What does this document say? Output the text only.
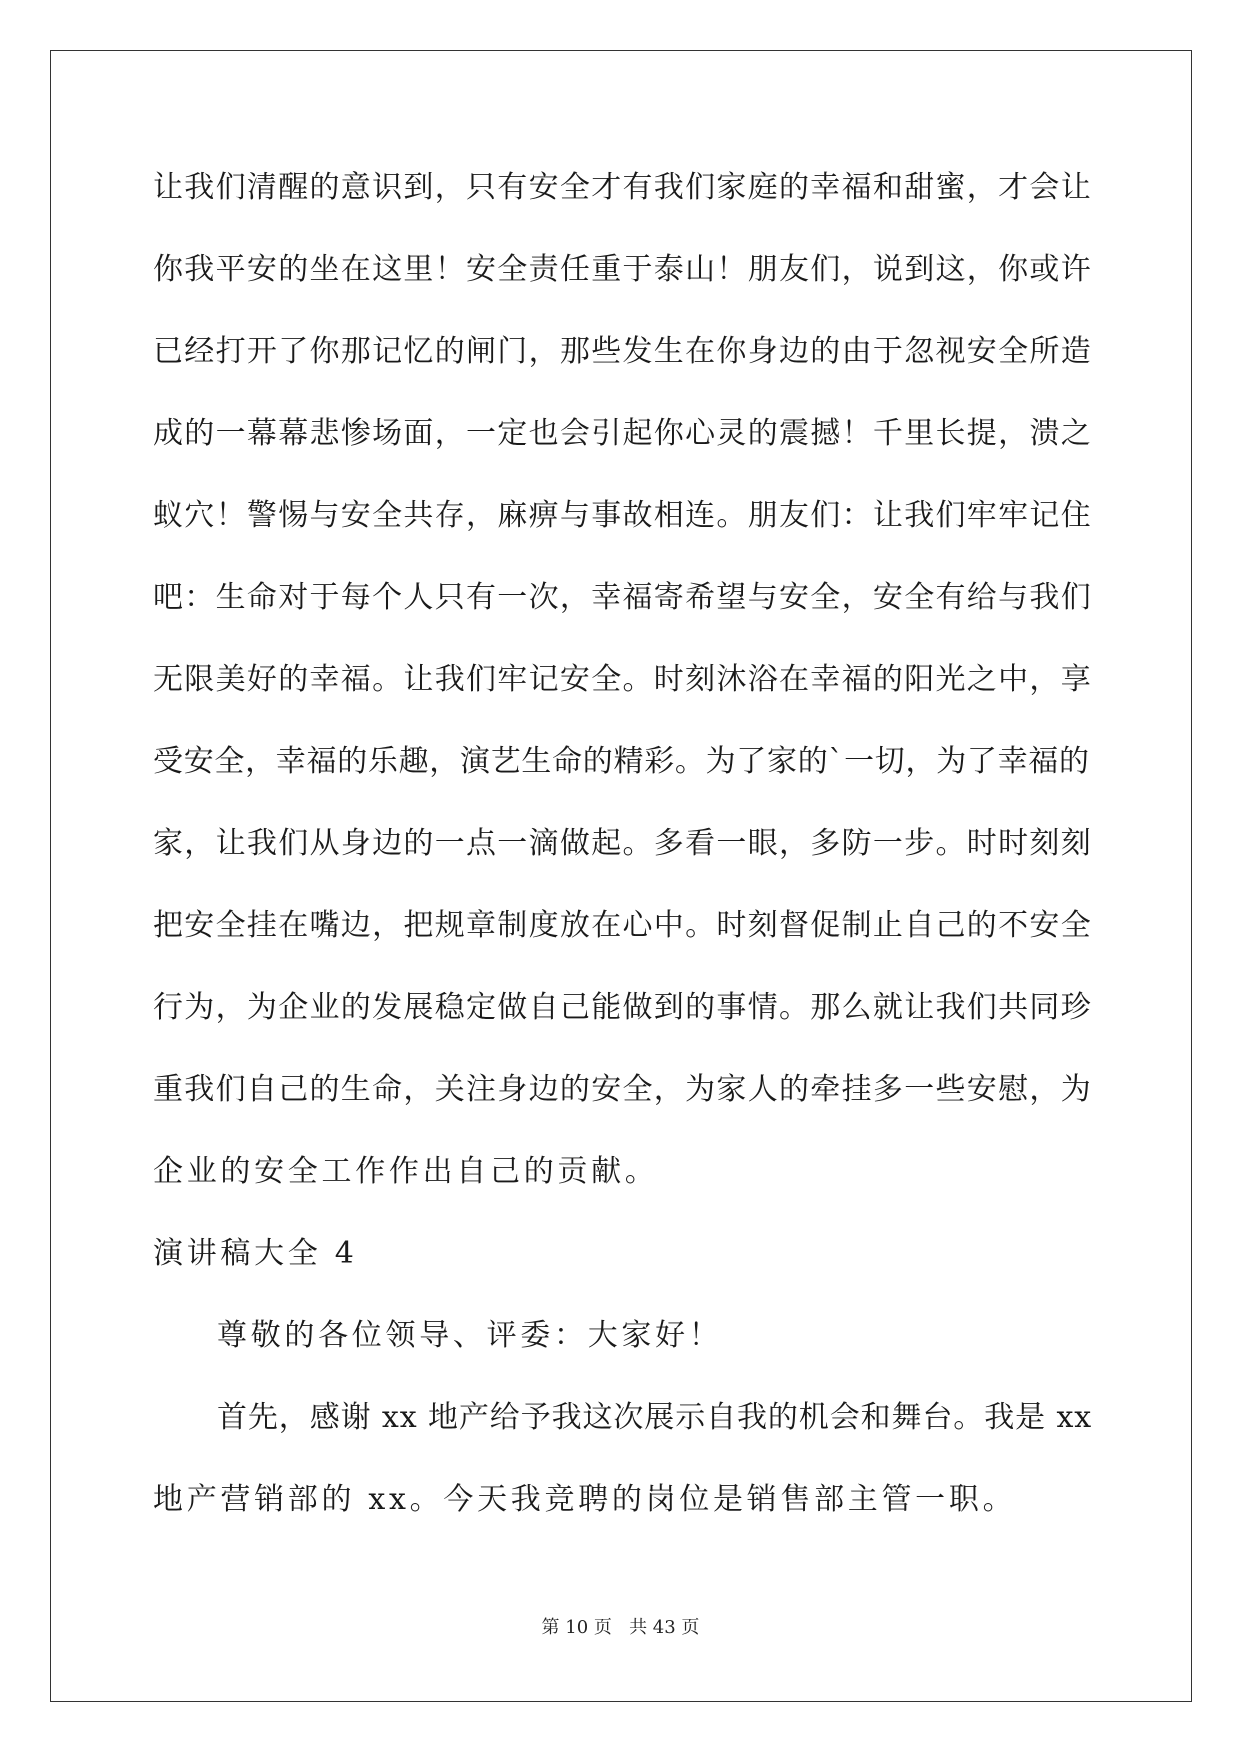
让我们清醒的意识到，只有安全才有我们家庭的幸福和甜蜜，才会让
你我平安的坐在这里！安全责任重于泰山！朋友们，说到这，你或许
已经打开了你那记忆的闸门，那些发生在你身边的由于忽视安全所造
成的一幕幕悲惨场面，一定也会引起你心灵的震撼！千里长提，溃之
蚁穴！警惕与安全共存，麻痹与事故相连。朋友们：让我们牢牢记住
吧：生命对于每个人只有一次，幸福寄希望与安全，安全有给与我们
无限美好的幸福。让我们牢记安全。时刻沐浴在幸福的阳光之中，享
受安全，幸福的乐趣，演艺生命的精彩。为了家的`一切，为了幸福的
家，让我们从身边的一点一滴做起。多看一眼，多防一步。时时刻刻
把安全挂在嘴边，把规章制度放在心中。时刻督促制止自己的不安全
行为，为企业的发展稳定做自己能做到的事情。那么就让我们共同珍
重我们自己的生命，关注身边的安全，为家人的牵挂多一些安慰，为
企业的安全工作作出自己的贡献。
演讲稿大全 4
尊敬的各位领导、评委：大家好！
首先，感谢 xx 地产给予我这次展示自我的机会和舞台。我是 xx
地产营销部的 xx。今天我竞聘的岗位是销售部主管一职。
第 10 页 共 43 页
